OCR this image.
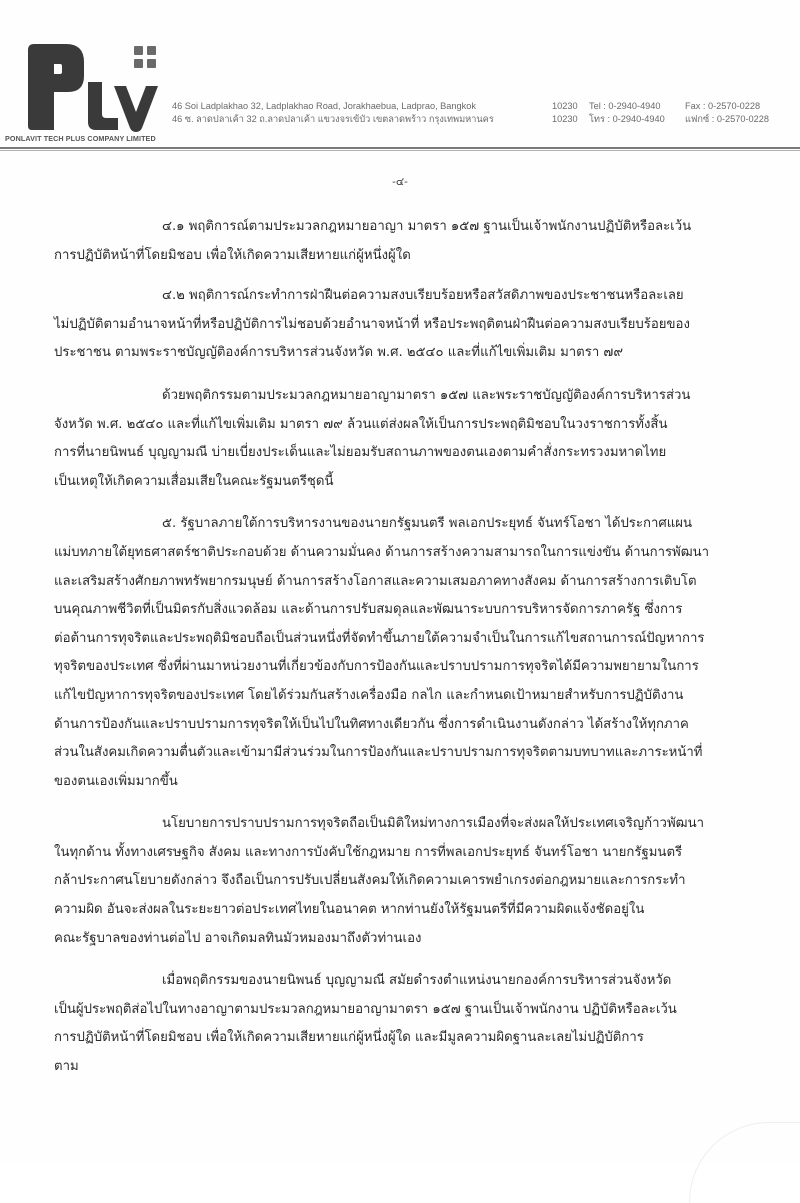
PONLAVIT TECH PLUS COMPANY LIMITED
46 Soi Ladplakhao 32, Ladplakhao Road, Jorakhaebua, Ladprao, Bangkok	10230	Tel : 0-2940-4940	Fax : 0-2570-0228
46 ซ. ลาดปลาเค้า 32 ถ.ลาดปลาเค้า แขวงจรเข้บัว เขตลาดพร้าว กรุงเทพมหานคร	10230	โทร : 0-2940-4940	แฟกซ์ : 0-2570-0228
-๔-

๔.๑ พฤติการณ์ตามประมวลกฎหมายอาญา มาตรา ๑๕๗ ฐานเป็นเจ้าพนักงานปฏิบัติหรือละเว้น
การปฏิบัติหน้าที่โดยมิชอบ เพื่อให้เกิดความเสียหายแก่ผู้หนึ่งผู้ใด

๔.๒ พฤติการณ์กระทำการฝ่าฝืนต่อความสงบเรียบร้อยหรือสวัสดิภาพของประชาชนหรือละเลย
ไม่ปฏิบัติตามอำนาจหน้าที่หรือปฏิบัติการไม่ชอบด้วยอำนาจหน้าที่ หรือประพฤติตนฝ่าฝืนต่อความสงบเรียบร้อยของ
ประชาชน ตามพระราชบัญญัติองค์การบริหารส่วนจังหวัด พ.ศ. ๒๕๔๐ และที่แก้ไขเพิ่มเติม มาตรา ๗๙

ด้วยพฤติกรรมตามประมวลกฎหมายอาญามาตรา ๑๕๗ และพระราชบัญญัติองค์การบริหารส่วน
จังหวัด พ.ศ. ๒๕๔๐ และที่แก้ไขเพิ่มเติม มาตรา ๗๙ ล้วนแต่ส่งผลให้เป็นการประพฤติมิชอบในวงราชการทั้งสิ้น
การที่นายนิพนธ์ บุญญามณี บ่ายเบี่ยงประเด็นและไม่ยอมรับสถานภาพของตนเองตามคำสั่งกระทรวงมหาดไทย
เป็นเหตุให้เกิดความเสื่อมเสียในคณะรัฐมนตรีชุดนี้

๕. รัฐบาลภายใต้การบริหารงานของนายกรัฐมนตรี พลเอกประยุทธ์ จันทร์โอชา ได้ประกาศแผน
แม่บทภายใต้ยุทธศาสตร์ชาติประกอบด้วย ด้านความมั่นคง ด้านการสร้างความสามารถในการแข่งขัน ด้านการพัฒนา
และเสริมสร้างศักยภาพทรัพยากรมนุษย์ ด้านการสร้างโอกาสและความเสมอภาคทางสังคม ด้านการสร้างการเติบโต
บนคุณภาพชีวิตที่เป็นมิตรกับสิ่งแวดล้อม และด้านการปรับสมดุลและพัฒนาระบบการบริหารจัดการภาครัฐ ซึ่งการ
ต่อต้านการทุจริตและประพฤติมิชอบถือเป็นส่วนหนึ่งที่จัดทำขึ้นภายใต้ความจำเป็นในการแก้ไขสถานการณ์ปัญหาการ
ทุจริตของประเทศ ซึ่งที่ผ่านมาหน่วยงานที่เกี่ยวข้องกับการป้องกันและปราบปรามการทุจริตได้มีความพยายามในการ
แก้ไขปัญหาการทุจริตของประเทศ โดยได้ร่วมกันสร้างเครื่องมือ กลไก และกำหนดเป้าหมายสำหรับการปฏิบัติงาน
ด้านการป้องกันและปราบปรามการทุจริตให้เป็นไปในทิศทางเดียวกัน ซึ่งการดำเนินงานดังกล่าว ได้สร้างให้ทุกภาค
ส่วนในสังคมเกิดความตื่นตัวและเข้ามามีส่วนร่วมในการป้องกันและปราบปรามการทุจริตตามบทบาทและภาระหน้าที่
ของตนเองเพิ่มมากขึ้น

นโยบายการปราบปรามการทุจริตถือเป็นมิติใหม่ทางการเมืองที่จะส่งผลให้ประเทศเจริญก้าวพัฒนา
ในทุกด้าน ทั้งทางเศรษฐกิจ สังคม และทางการบังคับใช้กฎหมาย การที่พลเอกประยุทธ์ จันทร์โอชา นายกรัฐมนตรี
กล้าประกาศนโยบายดังกล่าว จึงถือเป็นการปรับเปลี่ยนสังคมให้เกิดความเคารพยำเกรงต่อกฎหมายและการกระทำ
ความผิด อันจะส่งผลในระยะยาวต่อประเทศไทยในอนาคต หากท่านยังให้รัฐมนตรีที่มีความผิดแจ้งชัดอยู่ใน
คณะรัฐบาลของท่านต่อไป อาจเกิดมลทินมัวหมองมาถึงตัวท่านเอง

เมื่อพฤติกรรมของนายนิพนธ์ บุญญามณี สมัยดำรงตำแหน่งนายกองค์การบริหารส่วนจังหวัด
เป็นผู้ประพฤติส่อไปในทางอาญาตามประมวลกฎหมายอาญามาตรา ๑๕๗ ฐานเป็นเจ้าพนักงาน ปฏิบัติหรือละเว้น
การปฏิบัติหน้าที่โดยมิชอบ เพื่อให้เกิดความเสียหายแก่ผู้หนึ่งผู้ใด และมีมูลความผิดฐานละเลยไม่ปฏิบัติการ
ตาม
